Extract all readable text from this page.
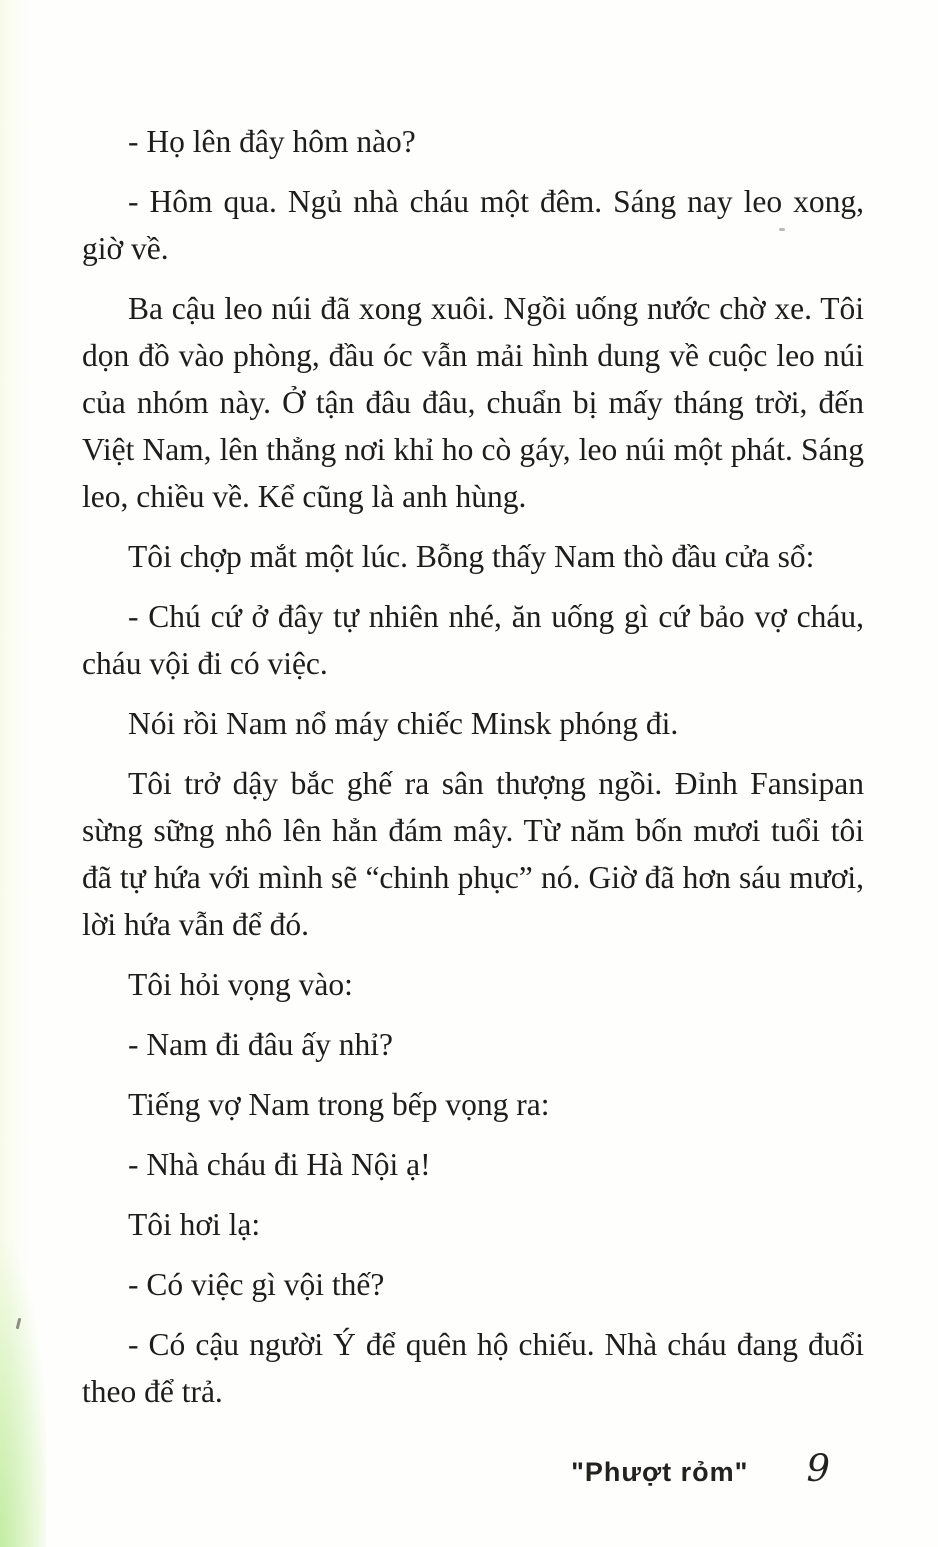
- Họ lên đây hôm nào?

- Hôm qua. Ngủ nhà cháu một đêm. Sáng nay leo xong, giờ về.

Ba cậu leo núi đã xong xuôi. Ngồi uống nước chờ xe. Tôi dọn đồ vào phòng, đầu óc vẫn mải hình dung về cuộc leo núi của nhóm này. Ở tận đâu đâu, chuẩn bị mấy tháng trời, đến Việt Nam, lên thẳng nơi khỉ ho cò gáy, leo núi một phát. Sáng leo, chiều về. Kể cũng là anh hùng.

Tôi chợp mắt một lúc. Bỗng thấy Nam thò đầu cửa sổ:

- Chú cứ ở đây tự nhiên nhé, ăn uống gì cứ bảo vợ cháu, cháu vội đi có việc.

Nói rồi Nam nổ máy chiếc Minsk phóng đi.

Tôi trở dậy bắc ghế ra sân thượng ngồi. Đỉnh Fansipan sừng sững nhô lên hẳn đám mây. Từ năm bốn mươi tuổi tôi đã tự hứa với mình sẽ “chinh phục” nó. Giờ đã hơn sáu mươi, lời hứa vẫn để đó.

Tôi hỏi vọng vào:

- Nam đi đâu ấy nhỉ?

Tiếng vợ Nam trong bếp vọng ra:

- Nhà cháu đi Hà Nội ạ!

Tôi hơi lạ:

- Có việc gì vội thế?

- Có cậu người Ý để quên hộ chiếu. Nhà cháu đang đuổi theo để trả.

"Phượt rỏm" 9
